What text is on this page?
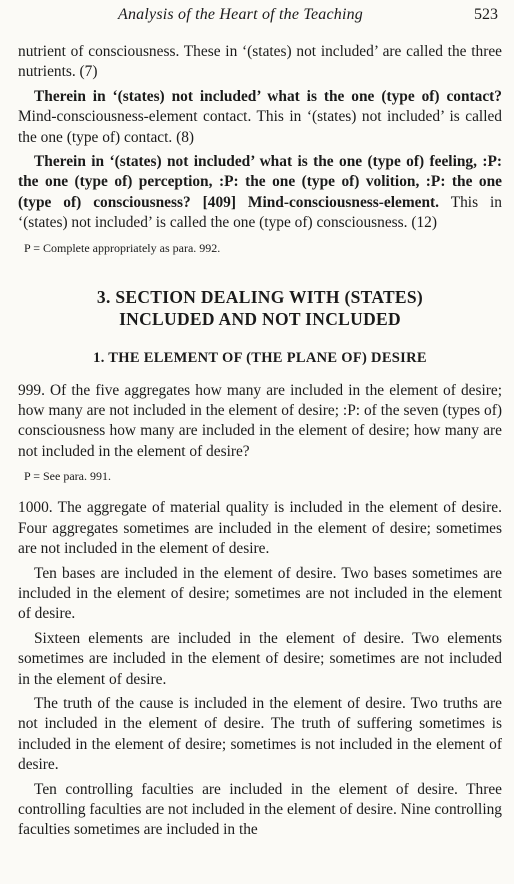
Analysis of the Heart of the Teaching	523

nutrient of consciousness. These in ‘(states) not included’ are called the three nutrients. (7)

Therein in ‘(states) not included’ what is the one (type of) contact? Mind-consciousness-element contact. This in ‘(states) not included’ is called the one (type of) contact. (8)

Therein in ‘(states) not included’ what is the one (type of) feeling, :P: the one (type of) perception, :P: the one (type of) volition, :P: the one (type of) consciousness? [409] Mind-consciousness-element. This in ‘(states) not included’ is called the one (type of) consciousness. (12)

P = Complete appropriately as para. 992.
3. SECTION DEALING WITH (STATES)
INCLUDED AND NOT INCLUDED
1. THE ELEMENT OF (THE PLANE OF) DESIRE

999. Of the five aggregates how many are included in the element of desire; how many are not included in the element of desire; :P: of the seven (types of) consciousness how many are included in the element of desire; how many are not included in the element of desire?

P = See para. 991.

1000. The aggregate of material quality is included in the element of desire. Four aggregates sometimes are included in the element of desire; sometimes are not included in the element of desire.

Ten bases are included in the element of desire. Two bases sometimes are included in the element of desire; sometimes are not included in the element of desire.

Sixteen elements are included in the element of desire. Two elements sometimes are included in the element of desire; sometimes are not included in the element of desire.

The truth of the cause is included in the element of desire. Two truths are not included in the element of desire. The truth of suffering sometimes is included in the element of desire; sometimes is not included in the element of desire.

Ten controlling faculties are included in the element of desire. Three controlling faculties are not included in the element of desire. Nine controlling faculties sometimes are included in the
